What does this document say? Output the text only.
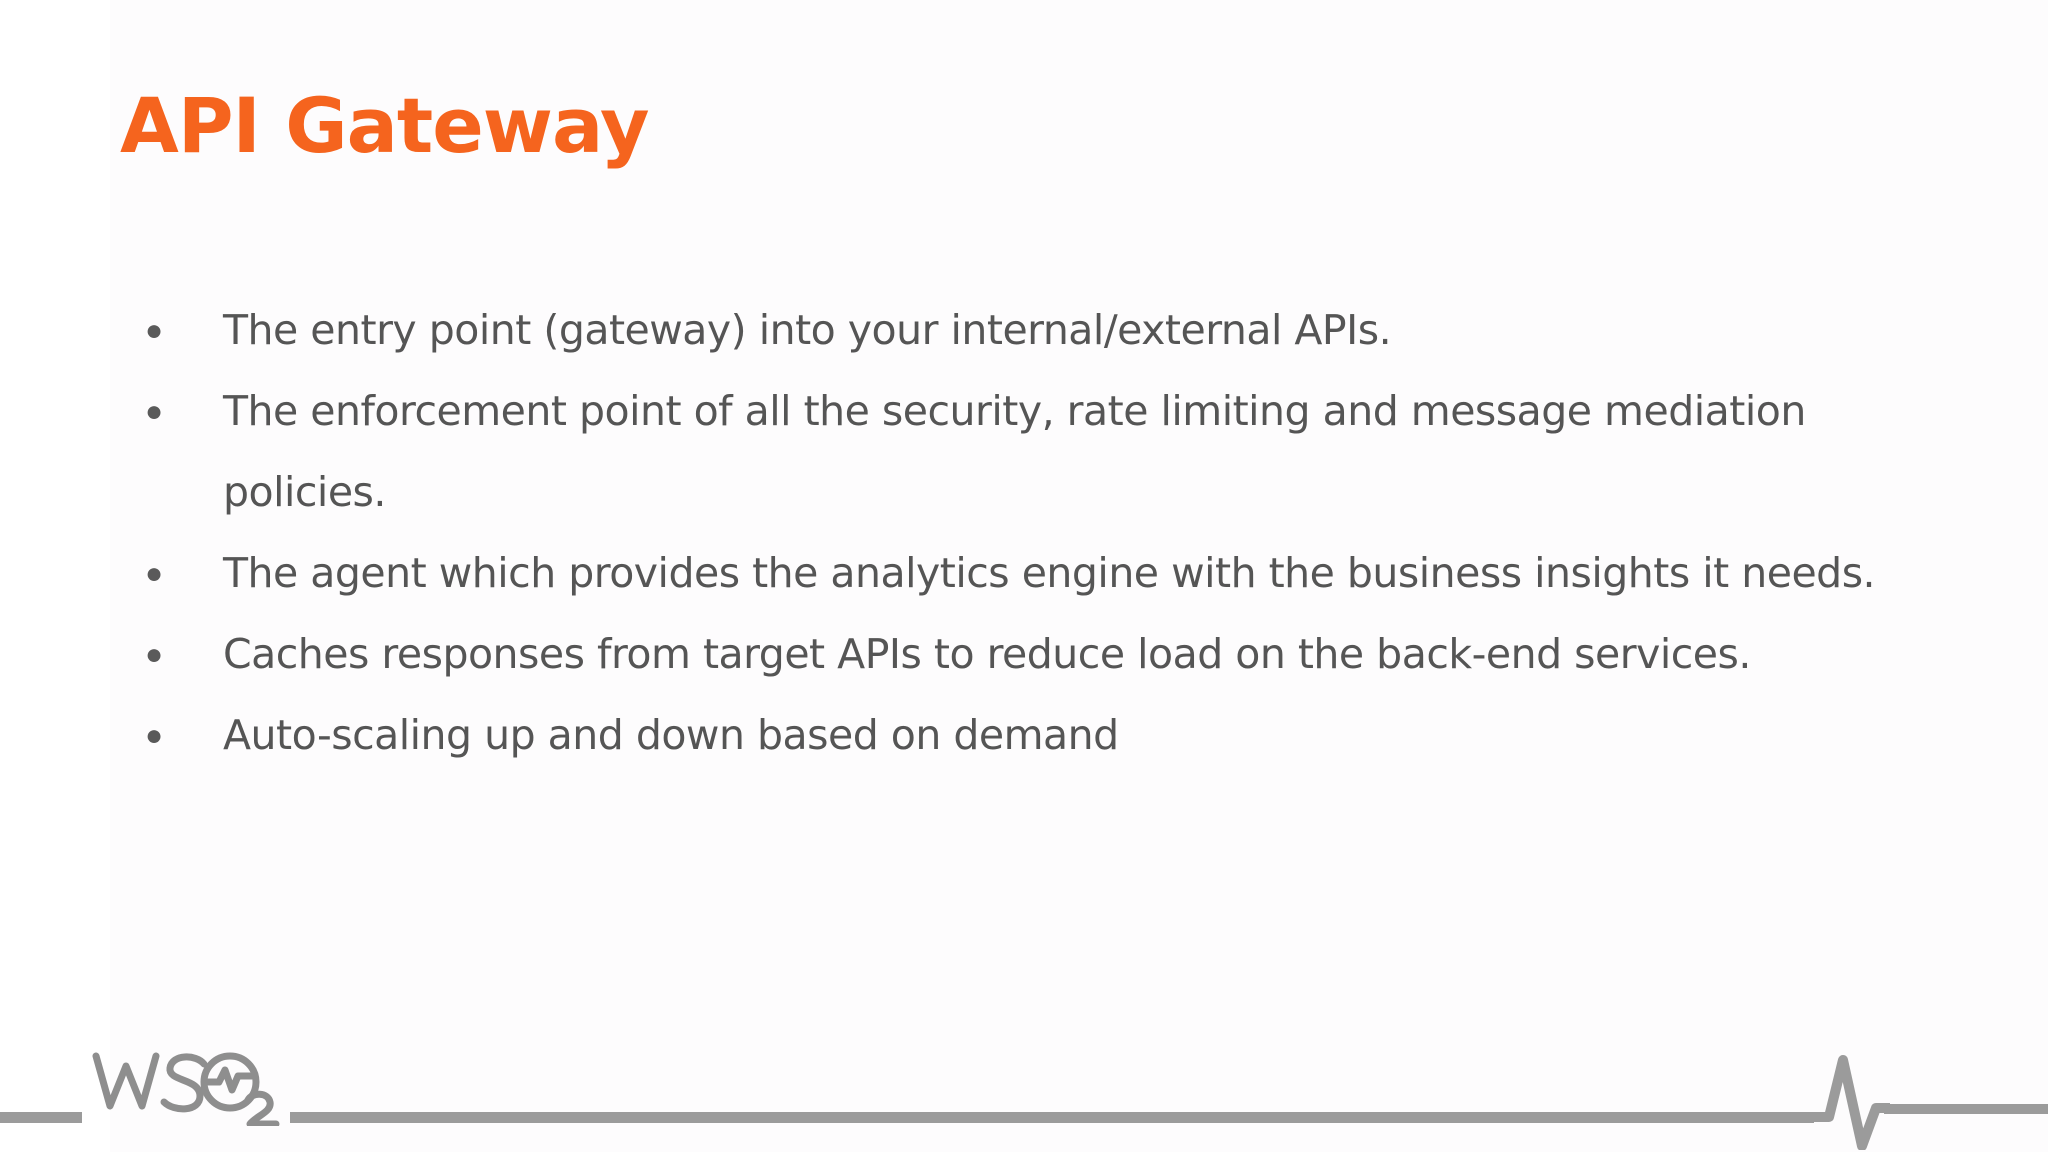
API Gateway
●	The entry point (gateway) into your internal/external APIs.
●	The enforcement point of all the security, rate limiting and message mediation policies.
●	The agent which provides the analytics engine with the business insights it needs.
●	Caches responses from target APIs to reduce load on the back-end services.
●	Auto-scaling up and down based on demand
